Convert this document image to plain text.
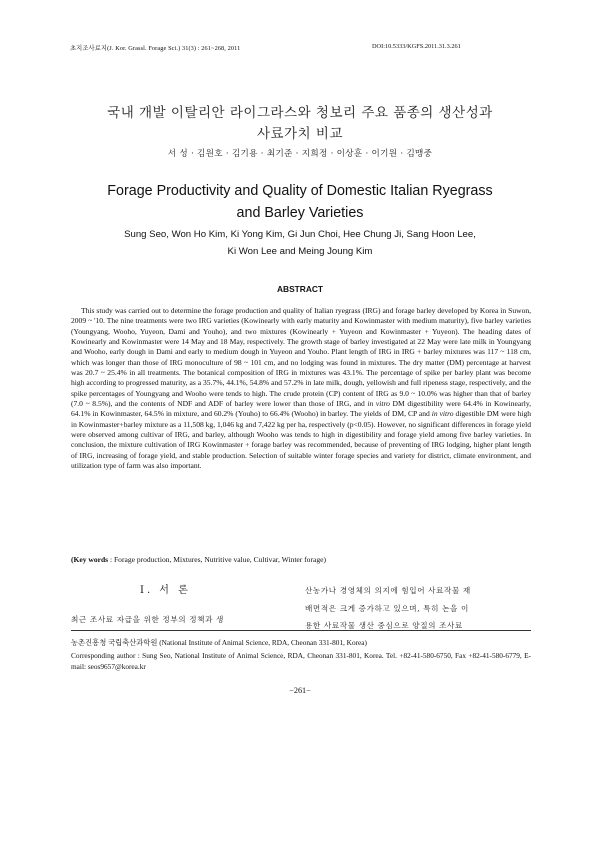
초지조사료지(J. Kor. Grassl. Forage Sci.) 31(3) : 261~268, 2011	DOI:10.5333/KGFS.2011.31.3.261
국내 개발 이탈리안 라이그라스와 청보리 주요 품종의 생산성과
사료가치 비교
서 성 · 김원호 · 김기용 · 최기준 · 지희정 · 이상훈 · 이기원 · 김맹중
Forage Productivity and Quality of Domestic Italian Ryegrass
and Barley Varieties
Sung Seo, Won Ho Kim, Ki Yong Kim, Gi Jun Choi, Hee Chung Ji, Sang Hoon Lee,
Ki Won Lee and Meing Joung Kim
ABSTRACT

This study was carried out to determine the forage production and quality of Italian ryegrass (IRG) and forage barley developed by Korea in Suwon, 2009 ~ '10. The nine treatments were two IRG varieties (Kowinearly with early maturity and Kowinmaster with medium maturity), five barley varieties (Youngyang, Wooho, Yuyeon, Dami and Youho), and two mixtures (Kowinearly + Yuyeon and Kowinmaster + Yuyeon). The heading dates of Kowinearly and Kowinmaster were 14 May and 18 May, respectively. The growth stage of barley investigated at 22 May were late milk in Youngyang and Wooho, early dough in Dami and early to medium dough in Yuyeon and Youho. Plant length of IRG in IRG + barley mixtures was 117 ~ 118 cm, which was longer than those of IRG monoculture of 98 ~ 101 cm, and no lodging was found in mixtures. The dry matter (DM) percentage at harvest was 20.7 ~ 25.4% in all treatments. The botanical composition of IRG in mixtures was 43.1%. The percentage of spike per barley plant was become high according to progressed maturity, as a 35.7%, 44.1%, 54.8% and 57.2% in late milk, dough, yellowish and full ripeness stage, respectively, and the spike percentages of Youngyang and Wooho were tends to high. The crude protein (CP) content of IRG as 9.0 ~ 10.0% was higher than that of barley (7.0 ~ 8.5%), and the contents of NDF and ADF of barley were lower than those of IRG, and in vitro DM digestibility were 64.4% in Kowinearly, 64.1% in Kowinmaster, 64.5% in mixture, and 60.2% (Youho) to 66.4% (Wooho) in barley. The yields of DM, CP and in vitro digestible DM were high in Kowinmaster+barley mixture as a 11,508 kg, 1,046 kg and 7,422 kg per ha, respectively (p<0.05). However, no significant differences in forage yield were observed among cultivar of IRG, and barley, although Wooho was tends to high in digestibility and forage yield among five barley varieties. In conclusion, the mixture cultivation of IRG Kowinmaster + forage barley was recommended, because of preventing of IRG lodging, higher plant length of IRG, increasing of forage yield, and stable production. Selection of suitable winter forage species and variety for district, climate environment, and utilization type of farm was also important.

(Key words : Forage production, Mixtures, Nutritive value, Cultivar, Winter forage)
Ⅰ. 서 론
최근 조사료 자급을 위한 정부의 정책과 생
산농가나 경영체의 의지에 힘입어 사료작물 재
배면적은 크게 증가하고 있으며, 특히 논을 이
용한 사료작물 생산 중심으로 양질의 조사료
농촌진흥청 국립축산과학원 (National Institute of Animal Science, RDA, Cheonan 331-801, Korea)
Corresponding author : Sung Seo, National Institute of Animal Science, RDA, Cheonan 331-801, Korea. Tel. +82-41-580-6750, Fax +82-41-580-6779, E-mail: seos9657@korea.kr
−261−
